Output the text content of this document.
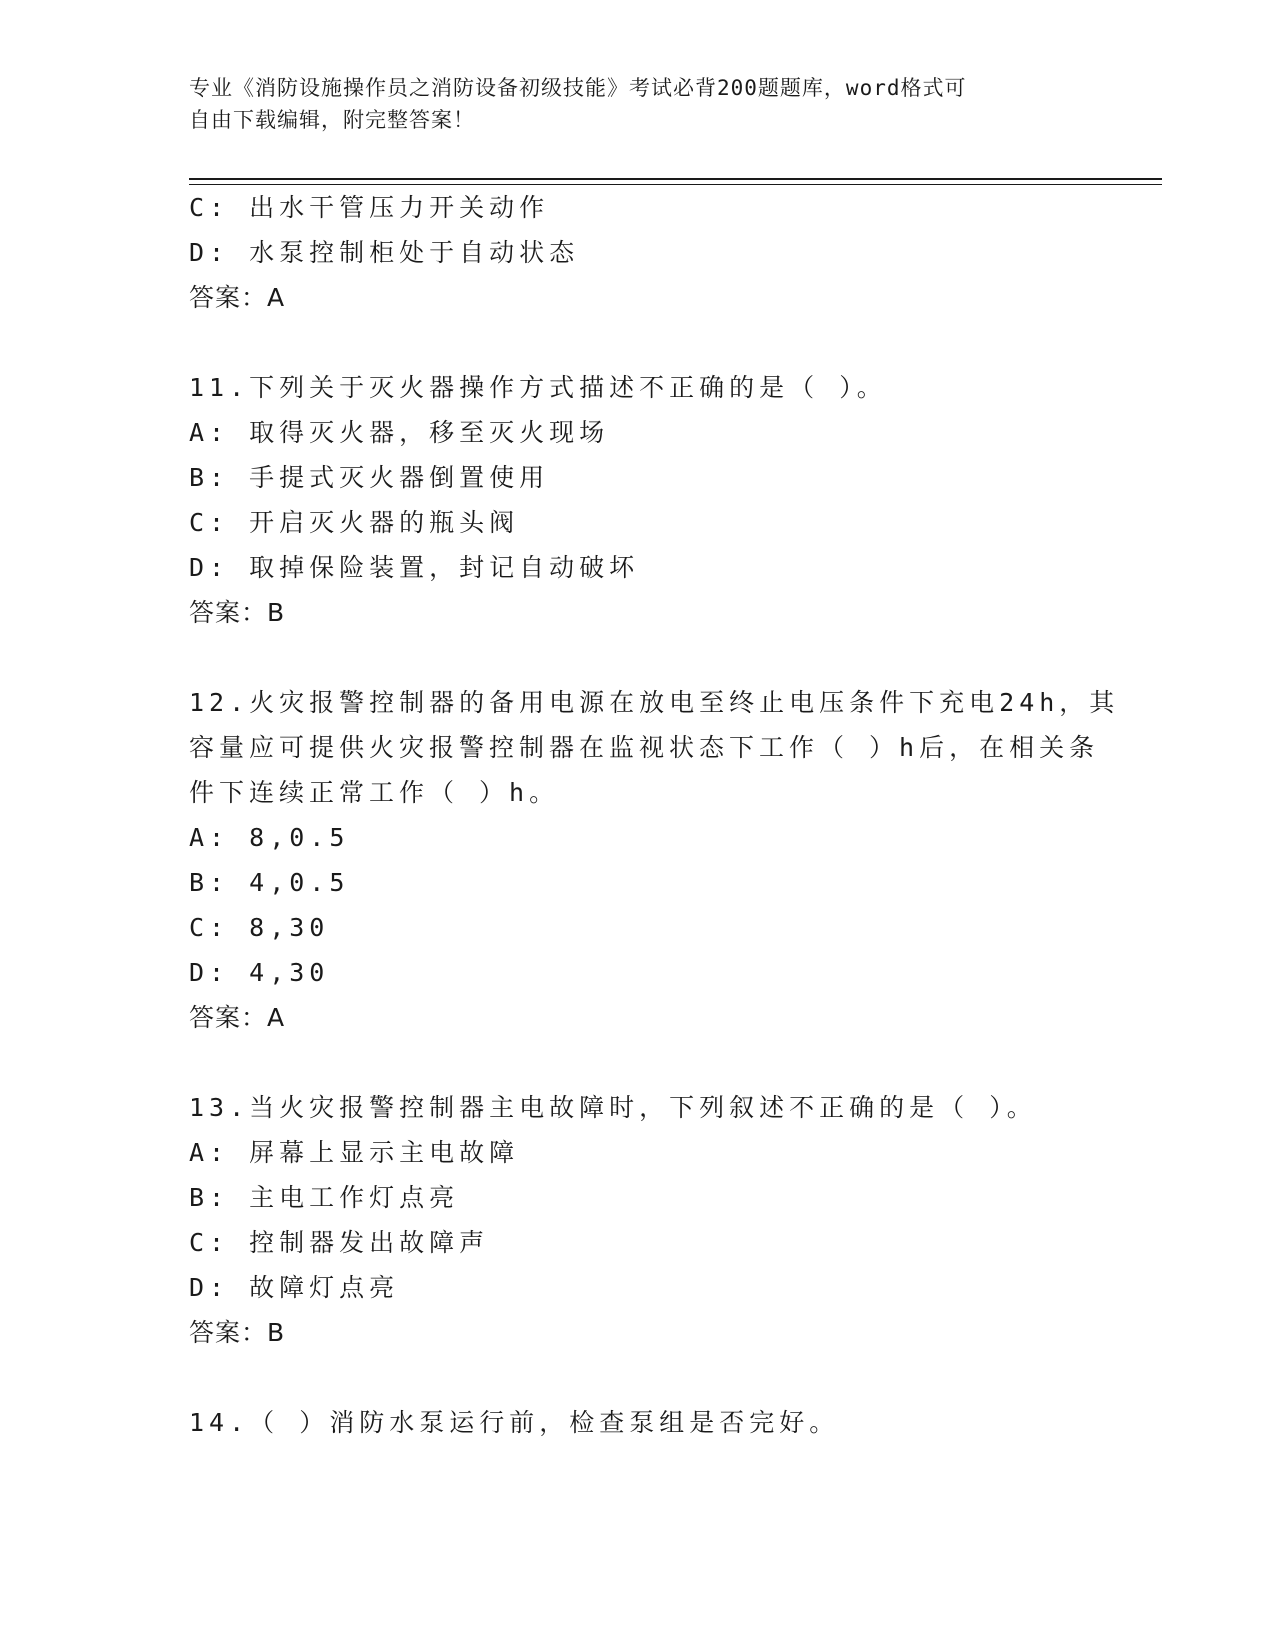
专业《消防设施操作员之消防设备初级技能》考试必背200题题库，word格式可
自由下载编辑，附完整答案！
C: 出水干管压力开关动作
D: 水泵控制柜处于自动状态
答案：A
11.下列关于灭火器操作方式描述不正确的是（ ）。
A: 取得灭火器，移至灭火现场
B: 手提式灭火器倒置使用
C: 开启灭火器的瓶头阀
D: 取掉保险装置，封记自动破坏
答案：B
12.火灾报警控制器的备用电源在放电至终止电压条件下充电24h，其
容量应可提供火灾报警控制器在监视状态下工作（ ）h后，在相关条
件下连续正常工作（ ）h。
A: 8,0.5
B: 4,0.5
C: 8,30
D: 4,30
答案：A
13.当火灾报警控制器主电故障时，下列叙述不正确的是（ ）。
A: 屏幕上显示主电故障
B: 主电工作灯点亮
C: 控制器发出故障声
D: 故障灯点亮
答案：B
14.（ ）消防水泵运行前，检查泵组是否完好。
